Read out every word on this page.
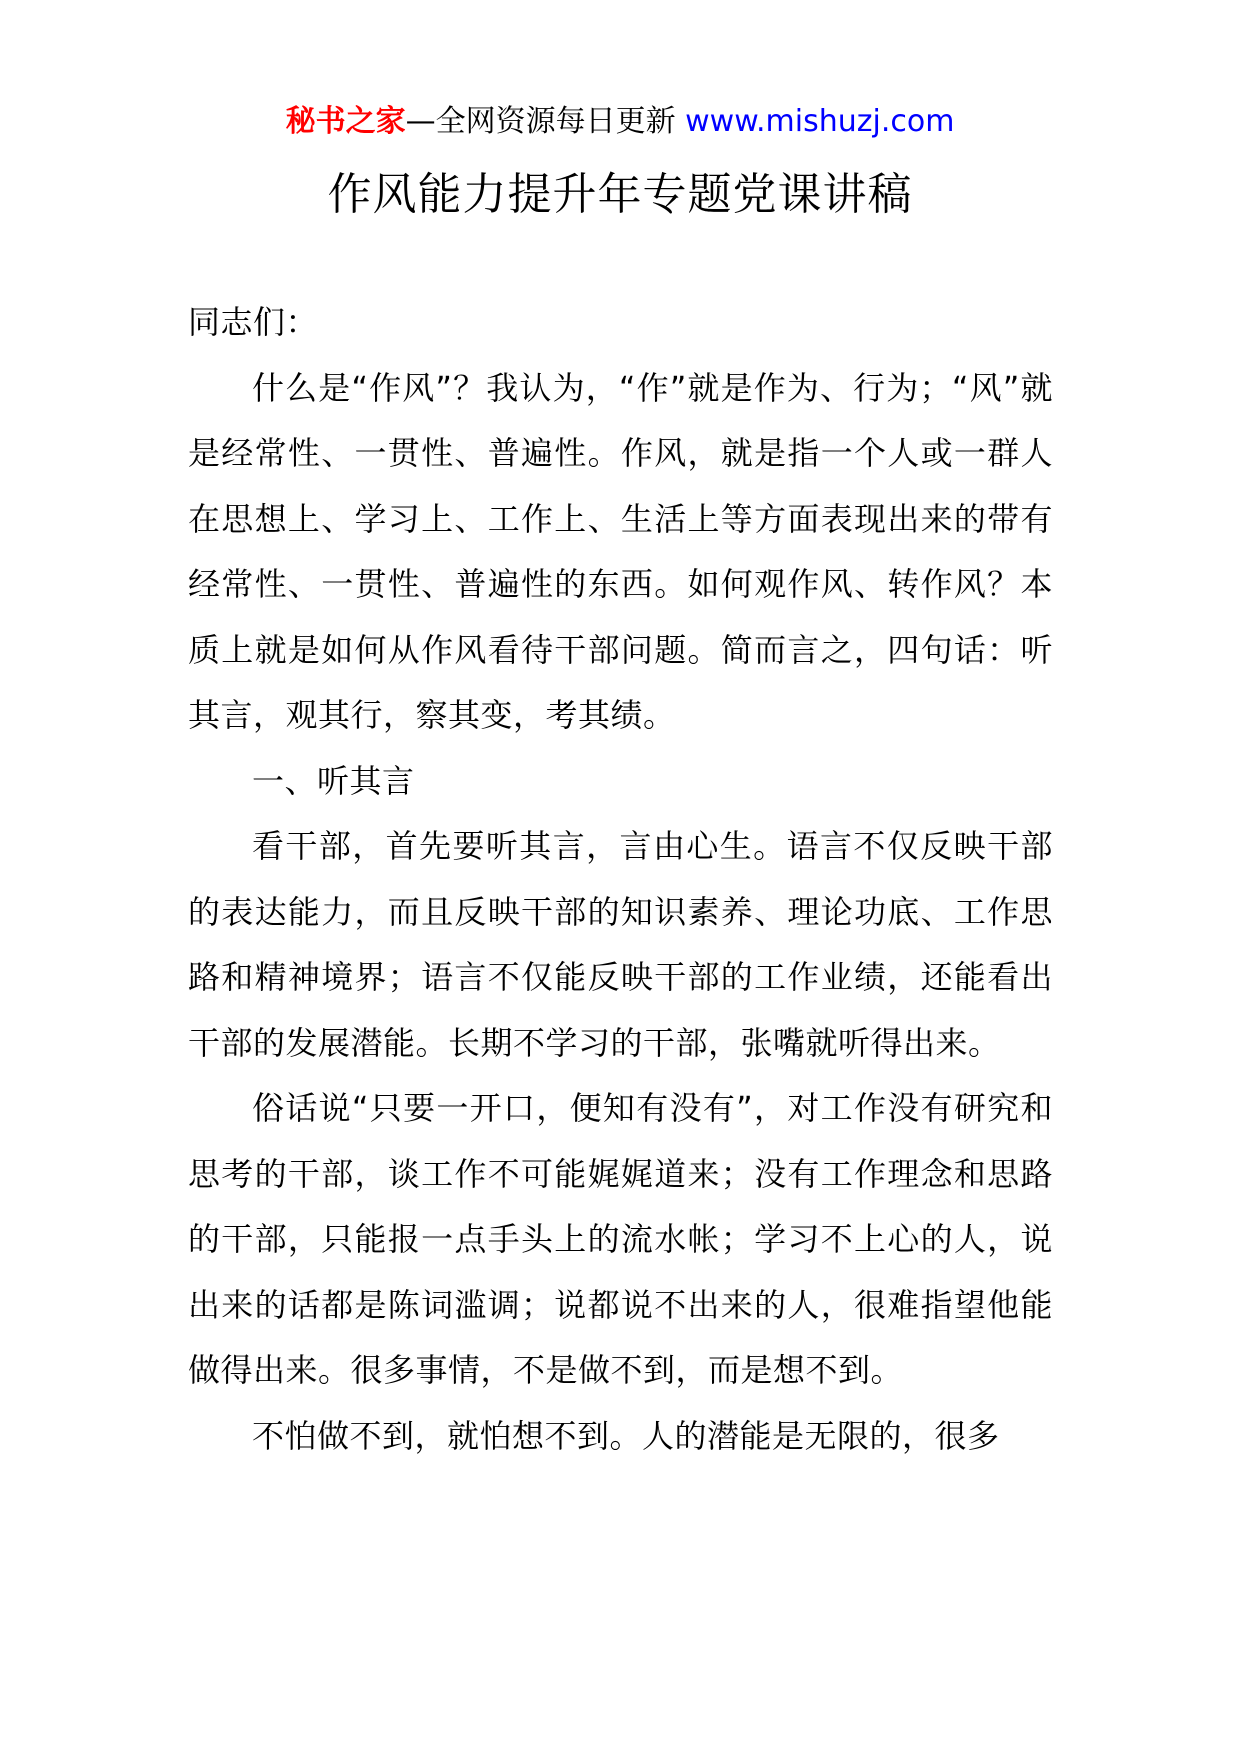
秘书之家—全网资源每日更新 www.mishuzj.com
作风能力提升年专题党课讲稿

同志们：

什么是“作风”？我认为，“作”就是作为、行为；“风”就是经常性、一贯性、普遍性。作风，就是指一个人或一群人在思想上、学习上、工作上、生活上等方面表现出来的带有经常性、一贯性、普遍性的东西。如何观作风、转作风？本质上就是如何从作风看待干部问题。简而言之，四句话：听其言，观其行，察其变，考其绩。

一、听其言

看干部，首先要听其言，言由心生。语言不仅反映干部的表达能力，而且反映干部的知识素养、理论功底、工作思路和精神境界；语言不仅能反映干部的工作业绩，还能看出干部的发展潜能。长期不学习的干部，张嘴就听得出来。

俗话说“只要一开口，便知有没有”，对工作没有研究和思考的干部，谈工作不可能娓娓道来；没有工作理念和思路的干部，只能报一点手头上的流水帐；学习不上心的人，说出来的话都是陈词滥调；说都说不出来的人，很难指望他能做得出来。很多事情，不是做不到，而是想不到。

不怕做不到，就怕想不到。人的潜能是无限的，很多
